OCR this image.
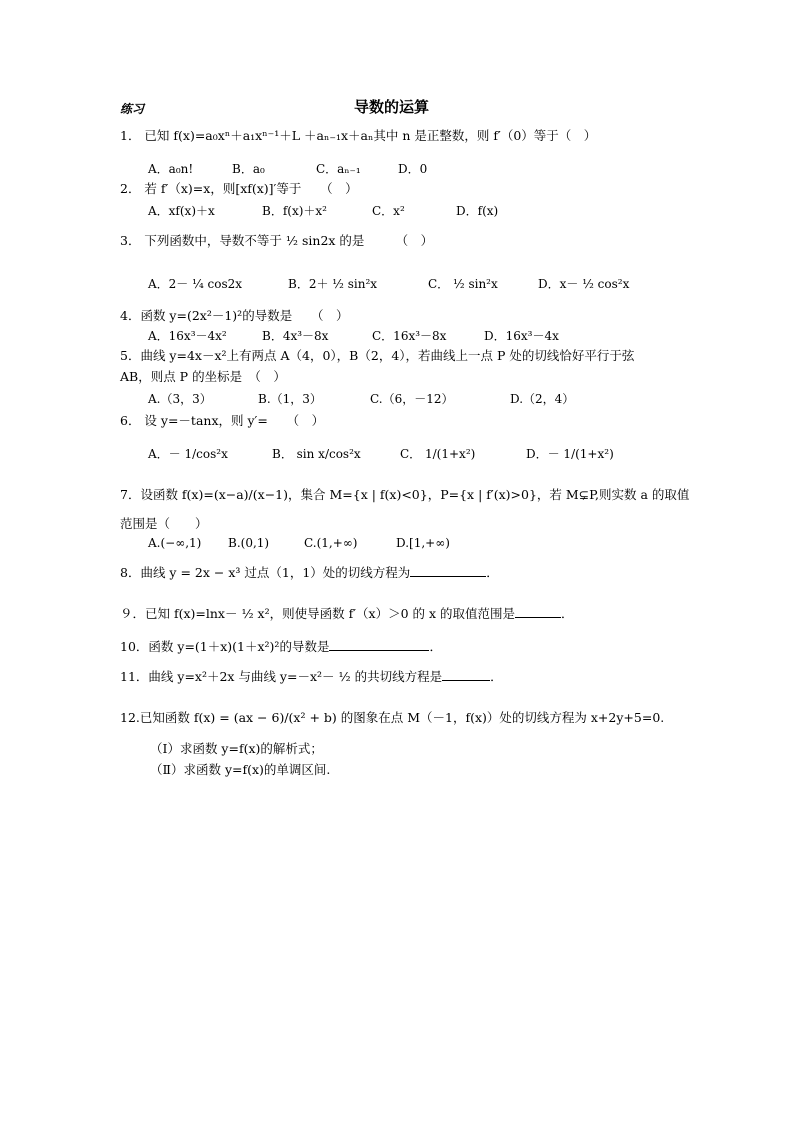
练习	导数的运算
1． 已知 f(x)=a₀xⁿ＋a₁xⁿ⁻¹＋L ＋aₙ₋₁x＋aₙ其中 n 是正整数，则 f′（0）等于（　）
A．a₀n!	B．a₀	C．aₙ₋₁	D．0
2． 若 f′（x)=x，则[xf(x)]′等于　　（　）
A．xf(x)＋x	B．f(x)＋x²	C．x²	D．f(x)
3． 下列函数中，导数不等于 ½ sin2x 的是　　　（　）
A．2－ ¼ cos2x	B．2＋ ½ sin²x	C． ½ sin²x	D．x－ ½ cos²x
4．函数 y=(2x²－1)²的导数是　　（　）
A．16x³－4x²	B．4x³－8x	C．16x³－8x	D．16x³－4x
5．曲线 y=4x－x²上有两点 A（4，0），B（2，4），若曲线上一点 P 处的切线恰好平行于弦
AB，则点 P 的坐标是　（　）
A.（3，3）	B.（1，3）	C.（6，－12）	D.（2，4）
6． 设 y=－tanx，则 y′=　　（　）
A．－ 1/cos²x	B． sin x/cos²x	C． 1/(1+x²)	D．－ 1/(1+x²)
7．设函数 f(x)=(x−a)/(x−1)，集合 M={x | f(x)<0}，P={x | f′(x)>0}，若 M⊊P,则实数 a 的取值
范围是（　　）
A.(−∞,1) B.(0,1)	C.(1,+∞)	D.[1,+∞)
8．曲线 y = 2x − x³ 过点（1，1）处的切线方程为	．
９．已知 f(x)=lnx－ ½ x²，则使导函数 f′（x）＞0 的 x 的取值范围是	．
10．函数 y=(1＋x)(1＋x²)²的导数是	．
11．曲线 y=x²＋2x 与曲线 y=－x²－ ½ 的共切线方程是	．
12.已知函数 f(x) = (ax − 6)/(x² + b) 的图象在点 M（－1，f(x)）处的切线方程为 x+2y+5=0.
（Ⅰ）求函数 y=f(x)的解析式；
（Ⅱ）求函数 y=f(x)的单调区间.
